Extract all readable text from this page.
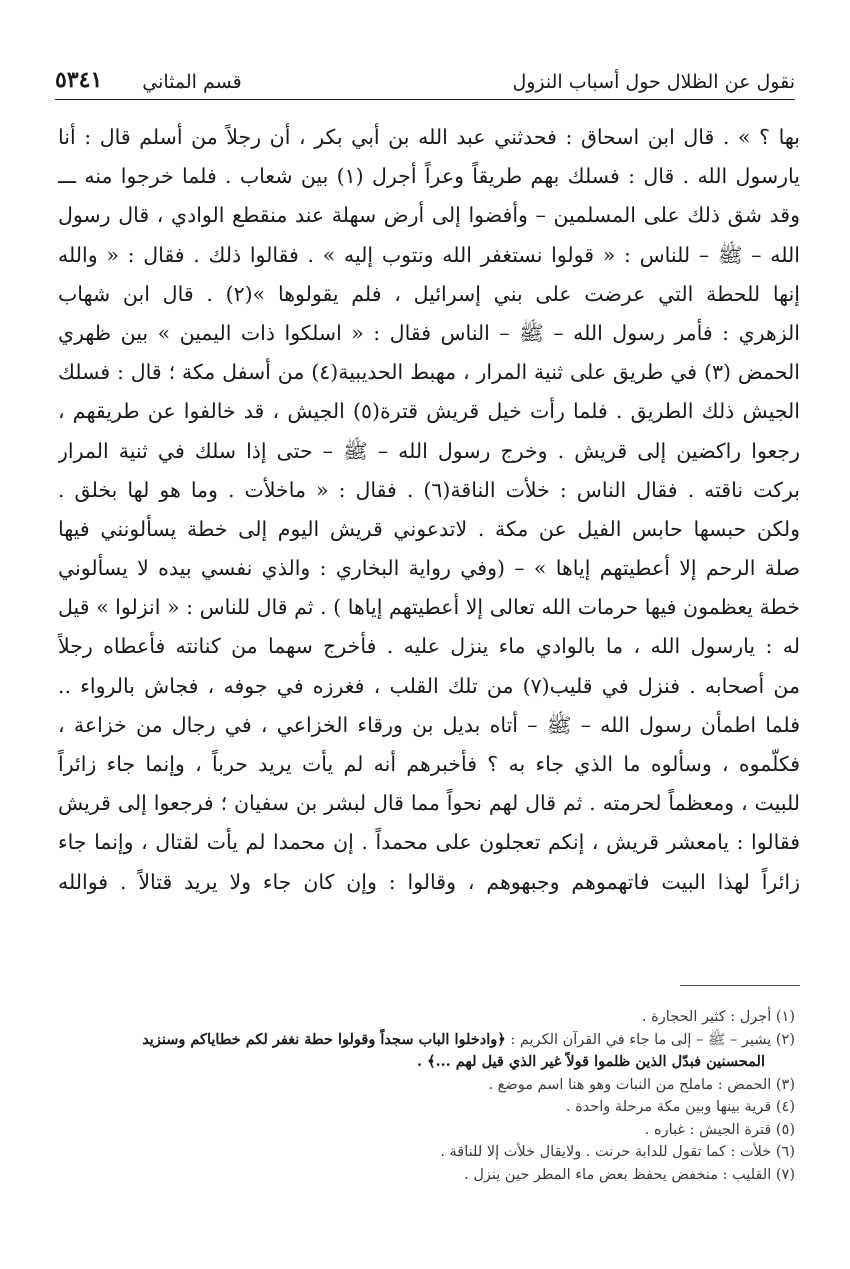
نقول عن الظلال حول أسباب النزول
قسم المثاني
٥٣٤١
بها ؟ » . قال ابن اسحاق : فحدثني عبد الله بن أبي بكر ، أن رجلاً من أسلم قال : أنا
يارسول الله . قال : فسلك بهم طريقاً وعراً أجرل (١) بين شعاب . فلما خرجوا منه ـــ
وقد شق ذلك على المسلمين – وأفضوا إلى أرض سهلة عند منقطع الوادي ، قال رسول
الله – ﷺ – للناس : « قولوا نستغفر الله ونتوب إليه » . فقالوا ذلك . فقال : « والله
إنها للحطة التي عرضت على بني إسرائيل ، فلم يقولوها »(٢) . قال ابن شهاب
الزهري : فأمر رسول الله – ﷺ – الناس فقال : « اسلكوا ذات اليمين » بين ظهري
الحمض (٣) في طريق على ثنية المرار ، مهبط الحديبية(٤) من أسفل مكة ؛ قال : فسلك
الجيش ذلك الطريق . فلما رأت خيل قريش قترة(٥) الجيش ، قد خالفوا عن طريقهم ،
رجعوا راكضين إلى قريش . وخرج رسول الله – ﷺ – حتى إذا سلك في ثنية المرار
بركت ناقته . فقال الناس : خلأت الناقة(٦) . فقال : « ماخلأت . وما هو لها بخلق .
ولكن حبسها حابس الفيل عن مكة . لاتدعوني قريش اليوم إلى خطة يسألونني فيها
صلة الرحم إلا أعطيتهم إياها » – (وفي رواية البخاري : والذي نفسي بيده لا يسألوني
خطة يعظمون فيها حرمات الله تعالى إلا أعطيتهم إياها ) . ثم قال للناس : « انزلوا » قيل
له : يارسول الله ، ما بالوادي ماء ينزل عليه . فأخرج سهما من كنانته فأعطاه رجلاً
من أصحابه . فنزل في قليب(٧) من تلك القلب ، فغرزه في جوفه ، فجاش بالرواء ..
فلما اطمأن رسول الله – ﷺ – أتاه بديل بن ورقاء الخزاعي ، في رجال من خزاعة ،
فكلّموه ، وسألوه ما الذي جاء به ؟ فأخبرهم أنه لم يأت يريد حرباً ، وإنما جاء زائراً
للبيت ، ومعظماً لحرمته . ثم قال لهم نحواً مما قال لبشر بن سفيان ؛ فرجعوا إلى قريش
فقالوا : يامعشر قريش ، إنكم تعجلون على محمداً . إن محمدا لم يأت لقتال ، وإنما جاء
زائراً لهذا البيت فاتهموهم وجبهوهم ، وقالوا : وإن كان جاء ولا يريد قتالاً . فوالله
(١) أجرل : كثير الحجارة .
(٢) يشير – ﷺ – إلى ما جاء في القرآن الكريم : ﴿وادخلوا الباب سجداً وقولوا حطة نغفر لكم خطاياكم وسنزيد
المحسنين فبدّل الذين ظلموا قولاً غير الذي قيل لهم ...﴾ .
(٣) الحمض : ماملح من النبات وهو هنا اسم موضع .
(٤) قرية بينها وبين مكة مرحلة واحدة .
(٥) قترة الجيش : غباره .
(٦) خلأت : كما تقول للدابة حرنت . ولايقال خلأت إلا للناقة .
(٧) القليب : منخفض يحفظ بعض ماء المطر حين ينزل .
